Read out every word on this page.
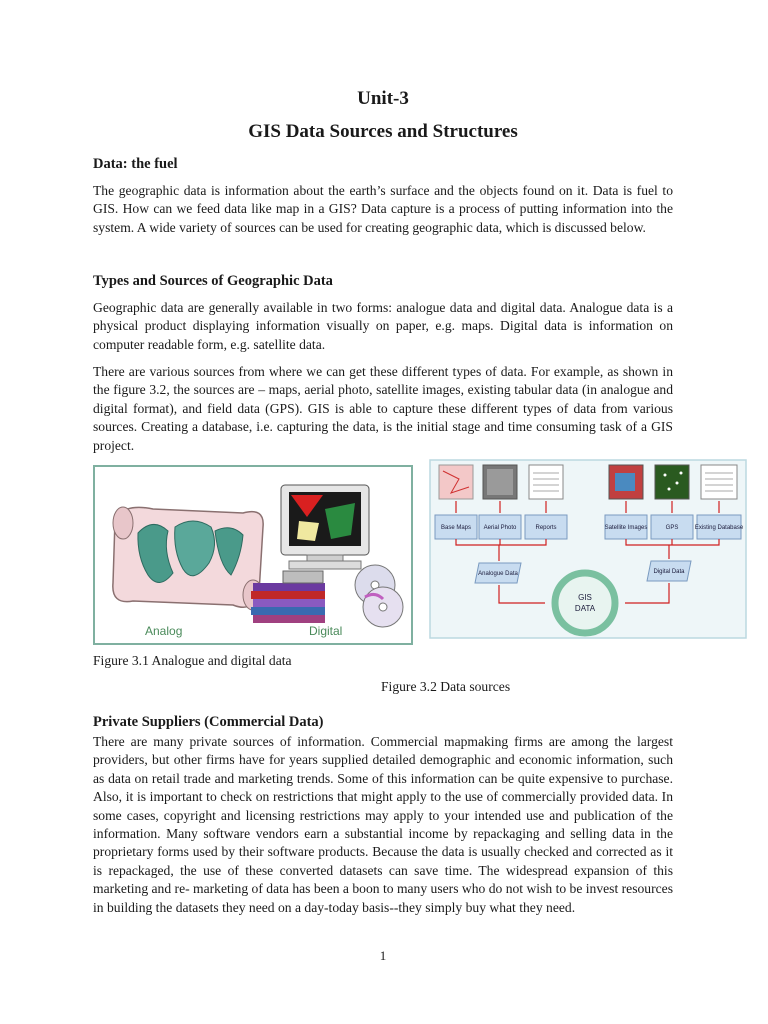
Unit-3
GIS Data Sources and Structures
Data: the fuel
The geographic data is information about the earth’s surface and the objects found on it. Data is fuel to GIS. How can we feed data like map in a GIS? Data capture is a process of putting information into the system. A wide variety of sources can be used for creating geographic data, which is discussed below.
Types and Sources of Geographic Data
Geographic data are generally available in two forms: analogue data and digital data. Analogue data is a physical product displaying information visually on paper, e.g. maps. Digital data is information on computer readable form, e.g. satellite data.
There are various sources from where we can get these different types of data. For example, as shown in the figure 3.2, the sources are – maps, aerial photo, satellite images, existing tabular data (in analogue and digital format), and field data (GPS). GIS is able to capture these different types of data from various sources. Creating a database, i.e. capturing the data, is the initial stage and time consuming task of a GIS project.
Analog	Digital
Base Maps Aerial Photo	Reports	Satellite Images	GPS	Existing Database
Analogue Data	Digital Data
GIS
DATA
Figure 3.1 Analogue and digital data
Figure 3.2 Data sources
Private Suppliers (Commercial Data)
There are many private sources of information. Commercial mapmaking firms are among the largest providers, but other firms have for years supplied detailed demographic and economic information, such as data on retail trade and marketing trends. Some of this information can be quite expensive to purchase. Also, it is important to check on restrictions that might apply to the use of commercially provided data. In some cases, copyright and licensing restrictions may apply to your intended use and publication of the information. Many software vendors earn a substantial income by repackaging and selling data in the proprietary forms used by their software products. Because the data is usually checked and corrected as it is repackaged, the use of these converted datasets can save time. The widespread expansion of this marketing and re- marketing of data has been a boon to many users who do not wish to be invest resources in building the datasets they need on a day-today basis--they simply buy what they need.
1
